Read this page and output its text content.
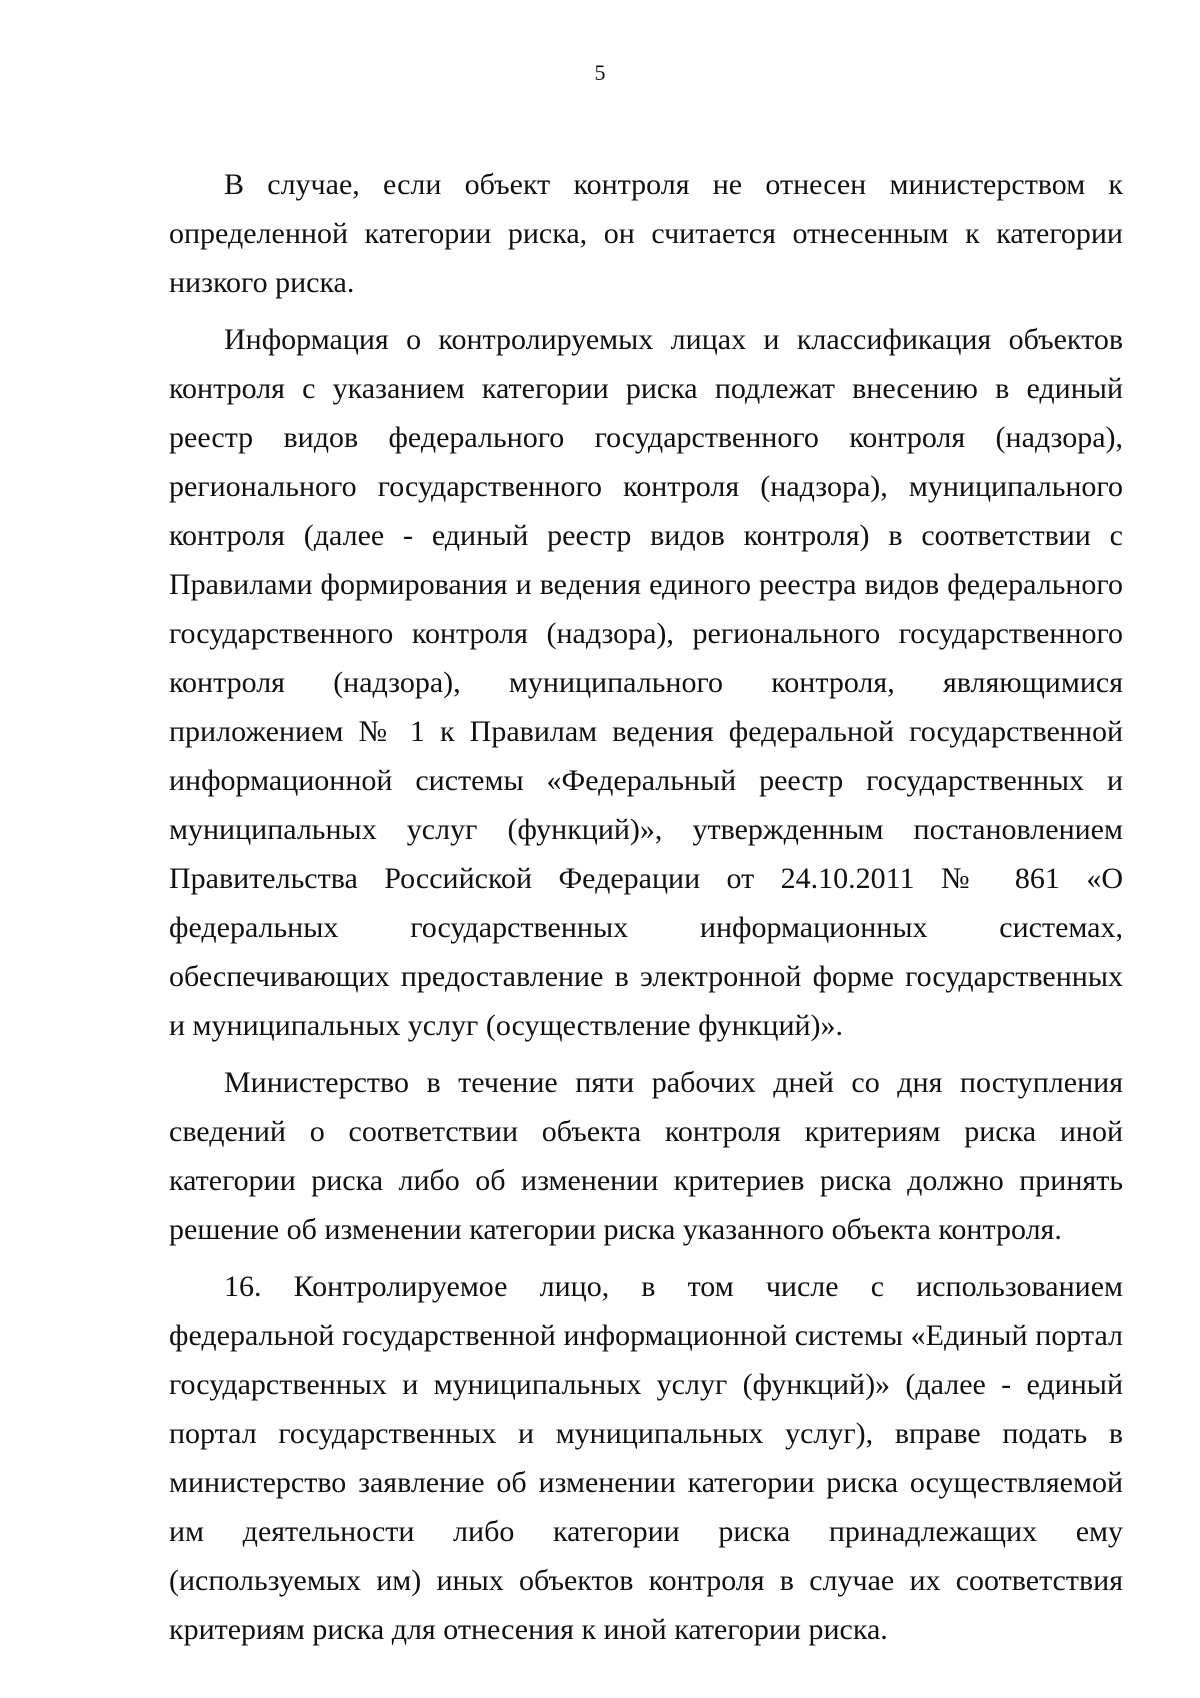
5

В случае, если объект контроля не отнесен министерством к определенной категории риска, он считается отнесенным к категории низкого риска.

Информация о контролируемых лицах и классификация объектов контроля с указанием категории риска подлежат внесению в единый реестр видов федерального государственного контроля (надзора), регионального государственного контроля (надзора), муниципального контроля (далее - единый реестр видов контроля) в соответствии с Правилами формирования и ведения единого реестра видов федерального государственного контроля (надзора), регионального государственного контроля (надзора), муниципального контроля, являющимися приложением № 1 к Правилам ведения федеральной государственной информационной системы «Федеральный реестр государственных и муниципальных услуг (функций)», утвержденным постановлением Правительства Российской Федерации от 24.10.2011 № 861 «О федеральных государственных информационных системах, обеспечивающих предоставление в электронной форме государственных и муниципальных услуг (осуществление функций)».

Министерство в течение пяти рабочих дней со дня поступления сведений о соответствии объекта контроля критериям риска иной категории риска либо об изменении критериев риска должно принять решение об изменении категории риска указанного объекта контроля.

16. Контролируемое лицо, в том числе с использованием федеральной государственной информационной системы «Единый портал государственных и муниципальных услуг (функций)» (далее - единый портал государственных и муниципальных услуг), вправе подать в министерство заявление об изменении категории риска осуществляемой им деятельности либо категории риска принадлежащих ему (используемых им) иных объектов контроля в случае их соответствия критериям риска для отнесения к иной категории риска.
